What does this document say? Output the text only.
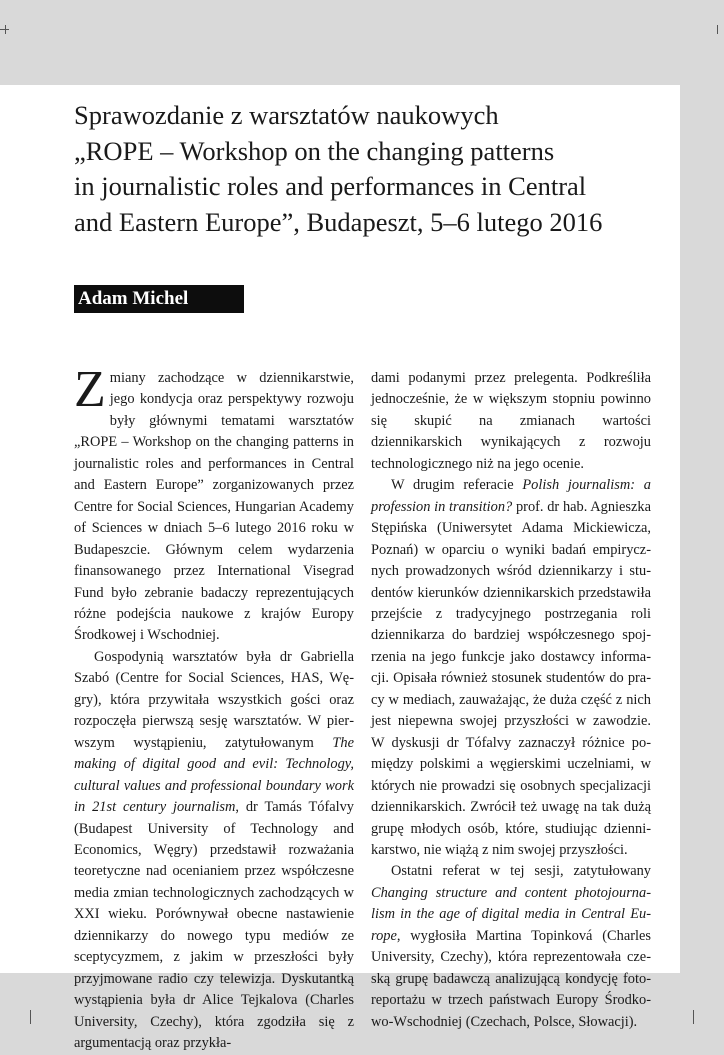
Sprawozdanie z warsztatów naukowych
„ROPE – Workshop on the changing patterns
in journalistic roles and performances in Central
and Eastern Europe”, Budapeszt, 5–6 lutego 2016
Adam Michel

Zmiany zachodzące w dziennikarstwie, jego kondycja oraz perspektywy rozwoju były głównymi tematami warsztatów „ROPE – Workshop on the changing patterns in journalistic roles and performances in Central and Eastern Europe” zorganizowanych przez Centre for Social Sciences, Hungarian Academy of Sciences w dniach 5–6 lutego 2016 roku w Budapeszcie. Głównym celem wydarzenia finansowanego przez International Visegrad Fund było zebranie badaczy reprezentujących różne podejścia naukowe z krajów Europy Środkowej i Wschodniej.

Gospodynią warsztatów była dr Gabriella Szabó (Centre for Social Sciences, HAS, Węgry), która przywitała wszystkich gości oraz rozpoczęła pierwszą sesję warsztatów. W pierwszym wystąpieniu, zatytułowanym The making of digital good and evil: Technology, cultural values and professional boundary work in 21st century journalism, dr Tamás Tófalvy (Budapest University of Technology and Economics, Węgry) przedstawił rozważania teoretyczne nad ocenianiem przez współczesne media zmian technologicznych zachodzących w XXI wieku. Porównywał obecne nastawienie dziennikarzy do nowego typu mediów ze sceptycyzmem, z jakim w przeszłości były przyjmowane radio czy telewizja. Dyskutantką wystąpienia była dr Alice Tejkalova (Charles University, Czechy), która zgodziła się z argumentacją oraz przykła-

dami podanymi przez prelegenta. Podkreśliła jednocześnie, że w większym stopniu powinno się skupić na zmianach wartości dziennikarskich wynikających z rozwoju technologicznego niż na jego ocenie.

W drugim referacie Polish journalism: a profession in transition? prof. dr hab. Agnieszka Stępińska (Uniwersytet Adama Mickiewicza, Poznań) w oparciu o wyniki badań empirycznych prowadzonych wśród dziennikarzy i studentów kierunków dziennikarskich przedstawiła przejście z tradycyjnego postrzegania roli dziennikarza do bardziej współczesnego spojrzenia na jego funkcje jako dostawcy informacji. Opisała również stosunek studentów do pracy w mediach, zauważając, że duża część z nich jest niepewna swojej przyszłości w zawodzie. W dyskusji dr Tófalvy zaznaczył różnice pomiędzy polskimi a węgierskimi uczelniami, w których nie prowadzi się osobnych specjalizacji dziennikarskich. Zwrócił też uwagę na tak dużą grupę młodych osób, które, studiując dziennikarstwo, nie wiążą z nim swojej przyszłości.

Ostatni referat w tej sesji, zatytułowany Changing structure and content photojournalism in the age of digital media in Central Europe, wygłosiła Martina Topinková (Charles University, Czechy), która reprezentowała czeską grupę badawczą analizującą kondycję fotoreportażu w trzech państwach Europy Środkowo-Wschodniej (Czechach, Polsce, Słowacji).
